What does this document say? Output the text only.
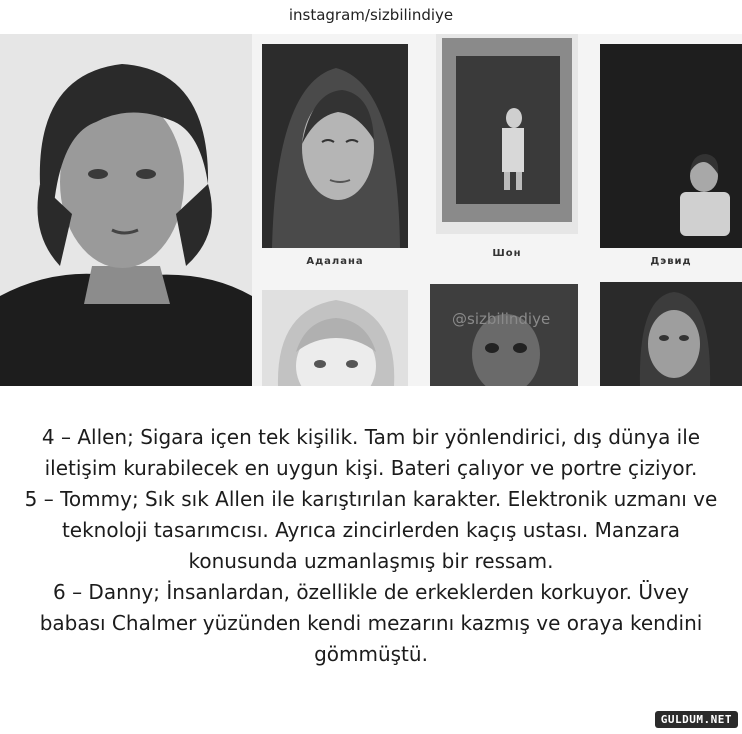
instagram/sizbilindiye
Адалана
Шон
Дэвид
@sizbilindiye

4 – Allen; Sigara içen tek kişilik. Tam bir yönlendirici, dış dünya ile iletişim kurabilecek en uygun kişi. Bateri çalıyor ve portre çiziyor.

5 – Tommy; Sık sık Allen ile karıştırılan karakter. Elektronik uzmanı ve teknoloji tasarımcısı. Ayrıca zincirlerden kaçış ustası. Manzara konusunda uzmanlaşmış bir ressam.

6 – Danny; İnsanlardan, özellikle de erkeklerden korkuyor. Üvey babası Chalmer yüzünden kendi mezarını kazmış ve oraya kendini gömmüştü.

GULDUM.NET
